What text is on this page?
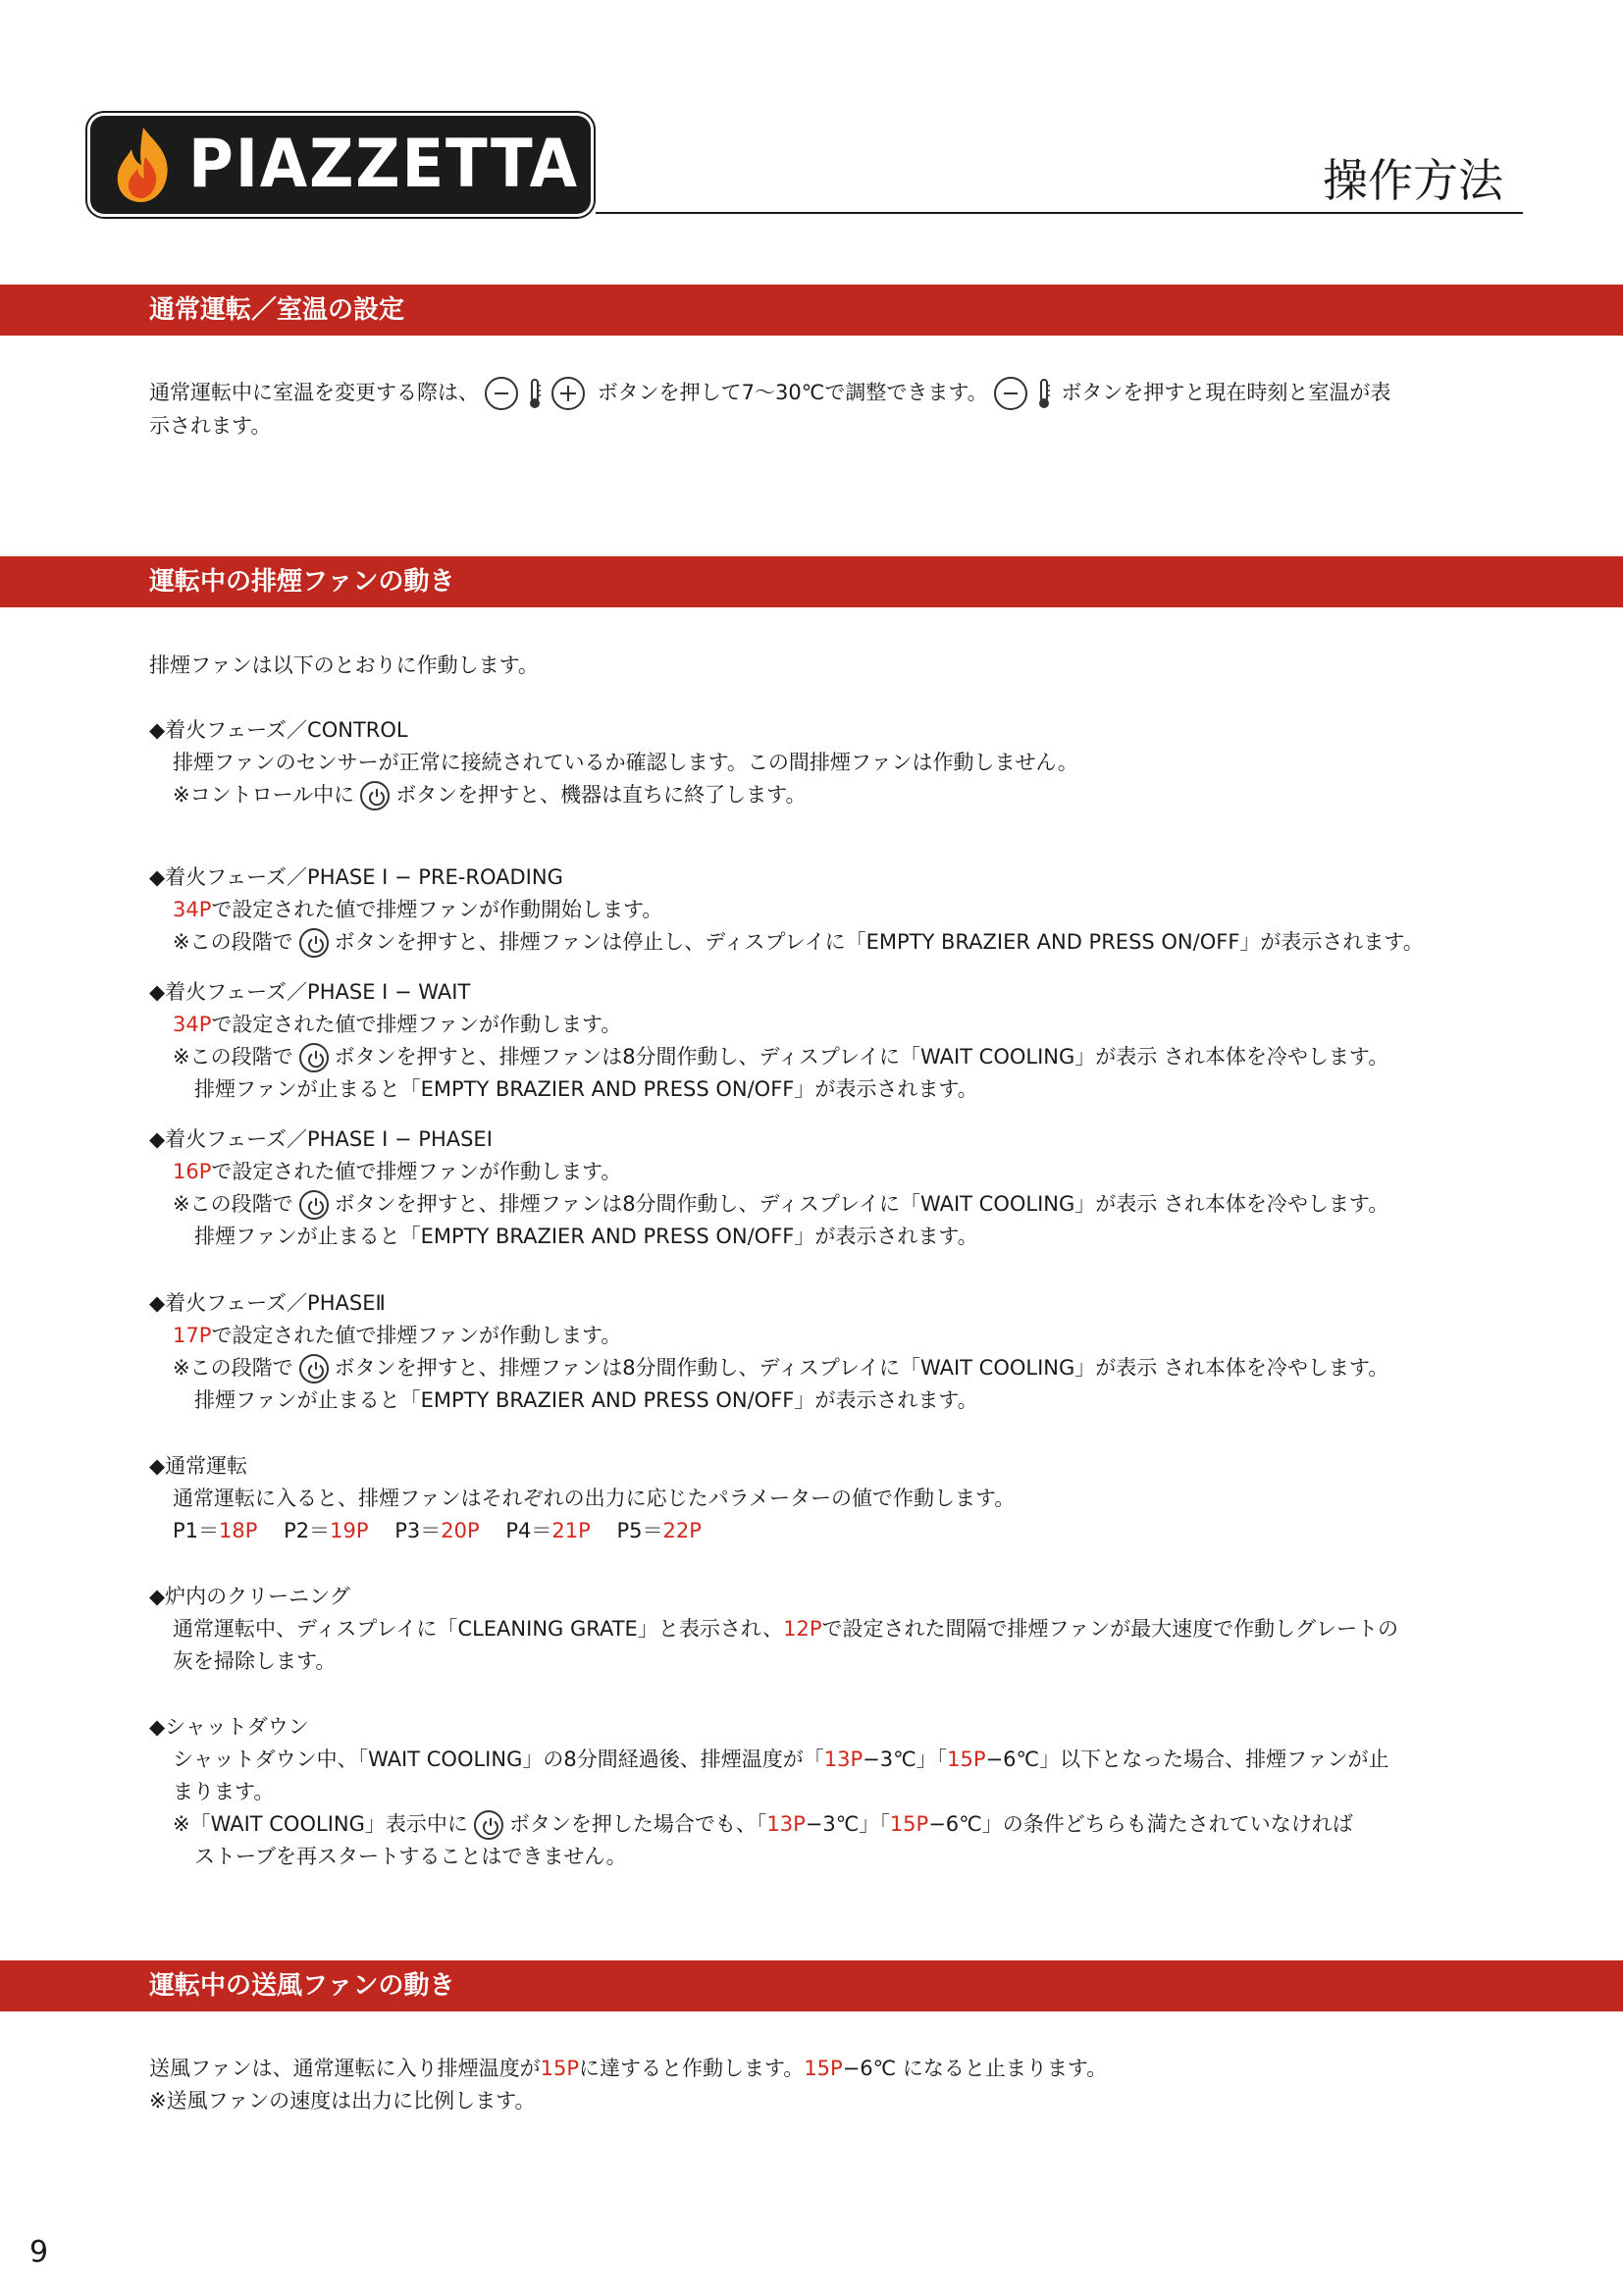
PIAZZETTA	操作方法
通常運転／室温の設定
通常運転中に室温を変更する際は、	ボタンを押して7〜30℃で調整できます。	ボタンを押すと現在時刻と室温が表
示されます。
運転中の排煙ファンの動き
排煙ファンは以下のとおりに作動します。
◆着火フェーズ／CONTROL
排煙ファンのセンサーが正常に接続されているか確認します。この間排煙ファンは作動しません。
※コントロール中に ボタンを押すと、機器は直ちに終了します。
◆着火フェーズ／PHASE Ⅰ − PRE-ROADING
34Pで設定された値で排煙ファンが作動開始します。
※この段階で ボタンを押すと、排煙ファンは停止し、ディスプレイに「EMPTY BRAZIER AND PRESS ON/OFF」が表示されます。
◆着火フェーズ／PHASE Ⅰ − WAIT
34Pで設定された値で排煙ファンが作動します。
※この段階で ボタンを押すと、排煙ファンは8分間作動し、ディスプレイに「WAIT COOLING」が表示 され本体を冷やします。
排煙ファンが止まると「EMPTY BRAZIER AND PRESS ON/OFF」が表示されます。
◆着火フェーズ／PHASE Ⅰ − PHASEⅠ
16Pで設定された値で排煙ファンが作動します。
※この段階で ボタンを押すと、排煙ファンは8分間作動し、ディスプレイに「WAIT COOLING」が表示 され本体を冷やします。
排煙ファンが止まると「EMPTY BRAZIER AND PRESS ON/OFF」が表示されます。
◆着火フェーズ／PHASEⅡ
17Pで設定された値で排煙ファンが作動します。
※この段階で ボタンを押すと、排煙ファンは8分間作動し、ディスプレイに「WAIT COOLING」が表示 され本体を冷やします。
排煙ファンが止まると「EMPTY BRAZIER AND PRESS ON/OFF」が表示されます。
◆通常運転
通常運転に入ると、排煙ファンはそれぞれの出力に応じたパラメーターの値で作動します。
P1＝18P P2＝19P P3＝20P P4＝21P P5＝22P
◆炉内のクリーニング
通常運転中、ディスプレイに「CLEANING GRATE」と表示され、12Pで設定された間隔で排煙ファンが最大速度で作動しグレートの
灰を掃除します。
◆シャットダウン
シャットダウン中、「WAIT COOLING」の8分間経過後、排煙温度が「13P−3℃」「15P−6℃」以下となった場合、排煙ファンが止
まります。
※「WAIT COOLING」表示中に ボタンを押した場合でも、「13P−3℃」「15P−6℃」の条件どちらも満たされていなければ
ストーブを再スタートすることはできません。
運転中の送風ファンの動き
送風ファンは、通常運転に入り排煙温度が15Pに達すると作動します。15P−6℃ になると止まります。
※送風ファンの速度は出力に比例します。
9
